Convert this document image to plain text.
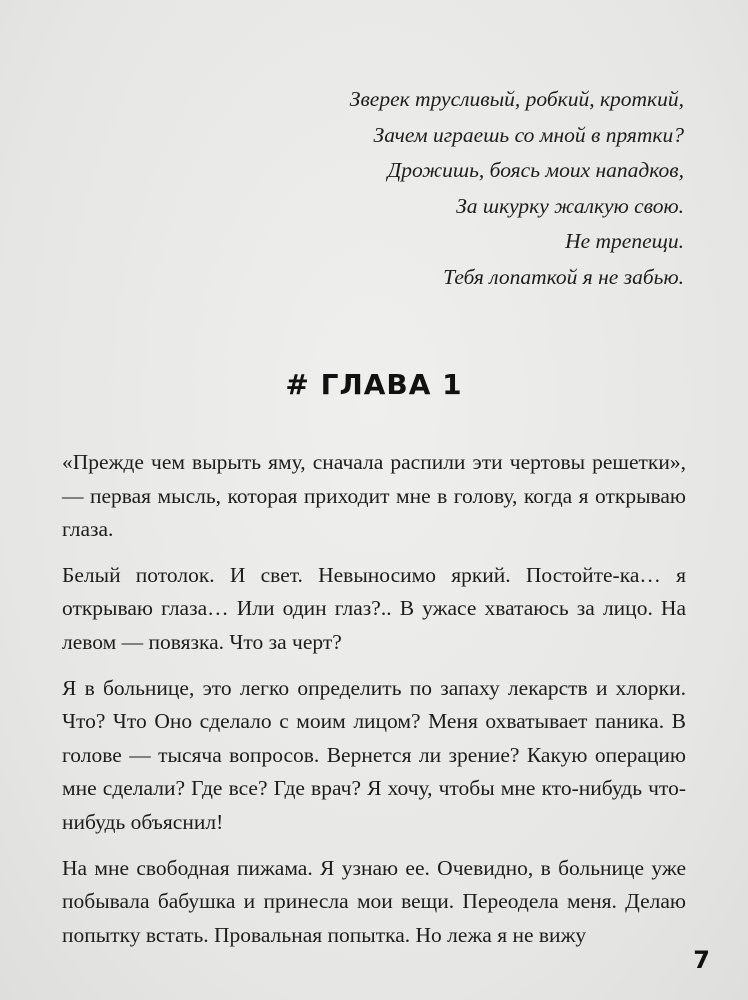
Зверек трусливый, робкий, кроткий,
Зачем играешь со мной в прятки?
Дрожишь, боясь моих нападков,
За шкурку жалкую свою.
Не трепещи.
Тебя лопаткой я не забью.
# ГЛАВА 1

«Прежде чем вырыть яму, сначала распили эти чертовы решетки», — первая мысль, которая приходит мне в голову, когда я открываю глаза.

Белый потолок. И свет. Невыносимо яркий. Постойте-ка… я открываю глаза… Или один глаз?.. В ужасе хватаюсь за лицо. На левом — повязка. Что за черт?

Я в больнице, это легко определить по запаху лекарств и хлорки. Что? Что Оно сделало с моим лицом? Меня охватывает паника. В голове — тысяча вопросов. Вернется ли зрение? Какую операцию мне сделали? Где все? Где врач? Я хочу, чтобы мне кто-нибудь что-нибудь объяснил!

На мне свободная пижама. Я узнаю ее. Очевидно, в больнице уже побывала бабушка и принесла мои вещи. Переодела меня. Делаю попытку встать. Провальная попытка. Но лежа я не вижу

7
